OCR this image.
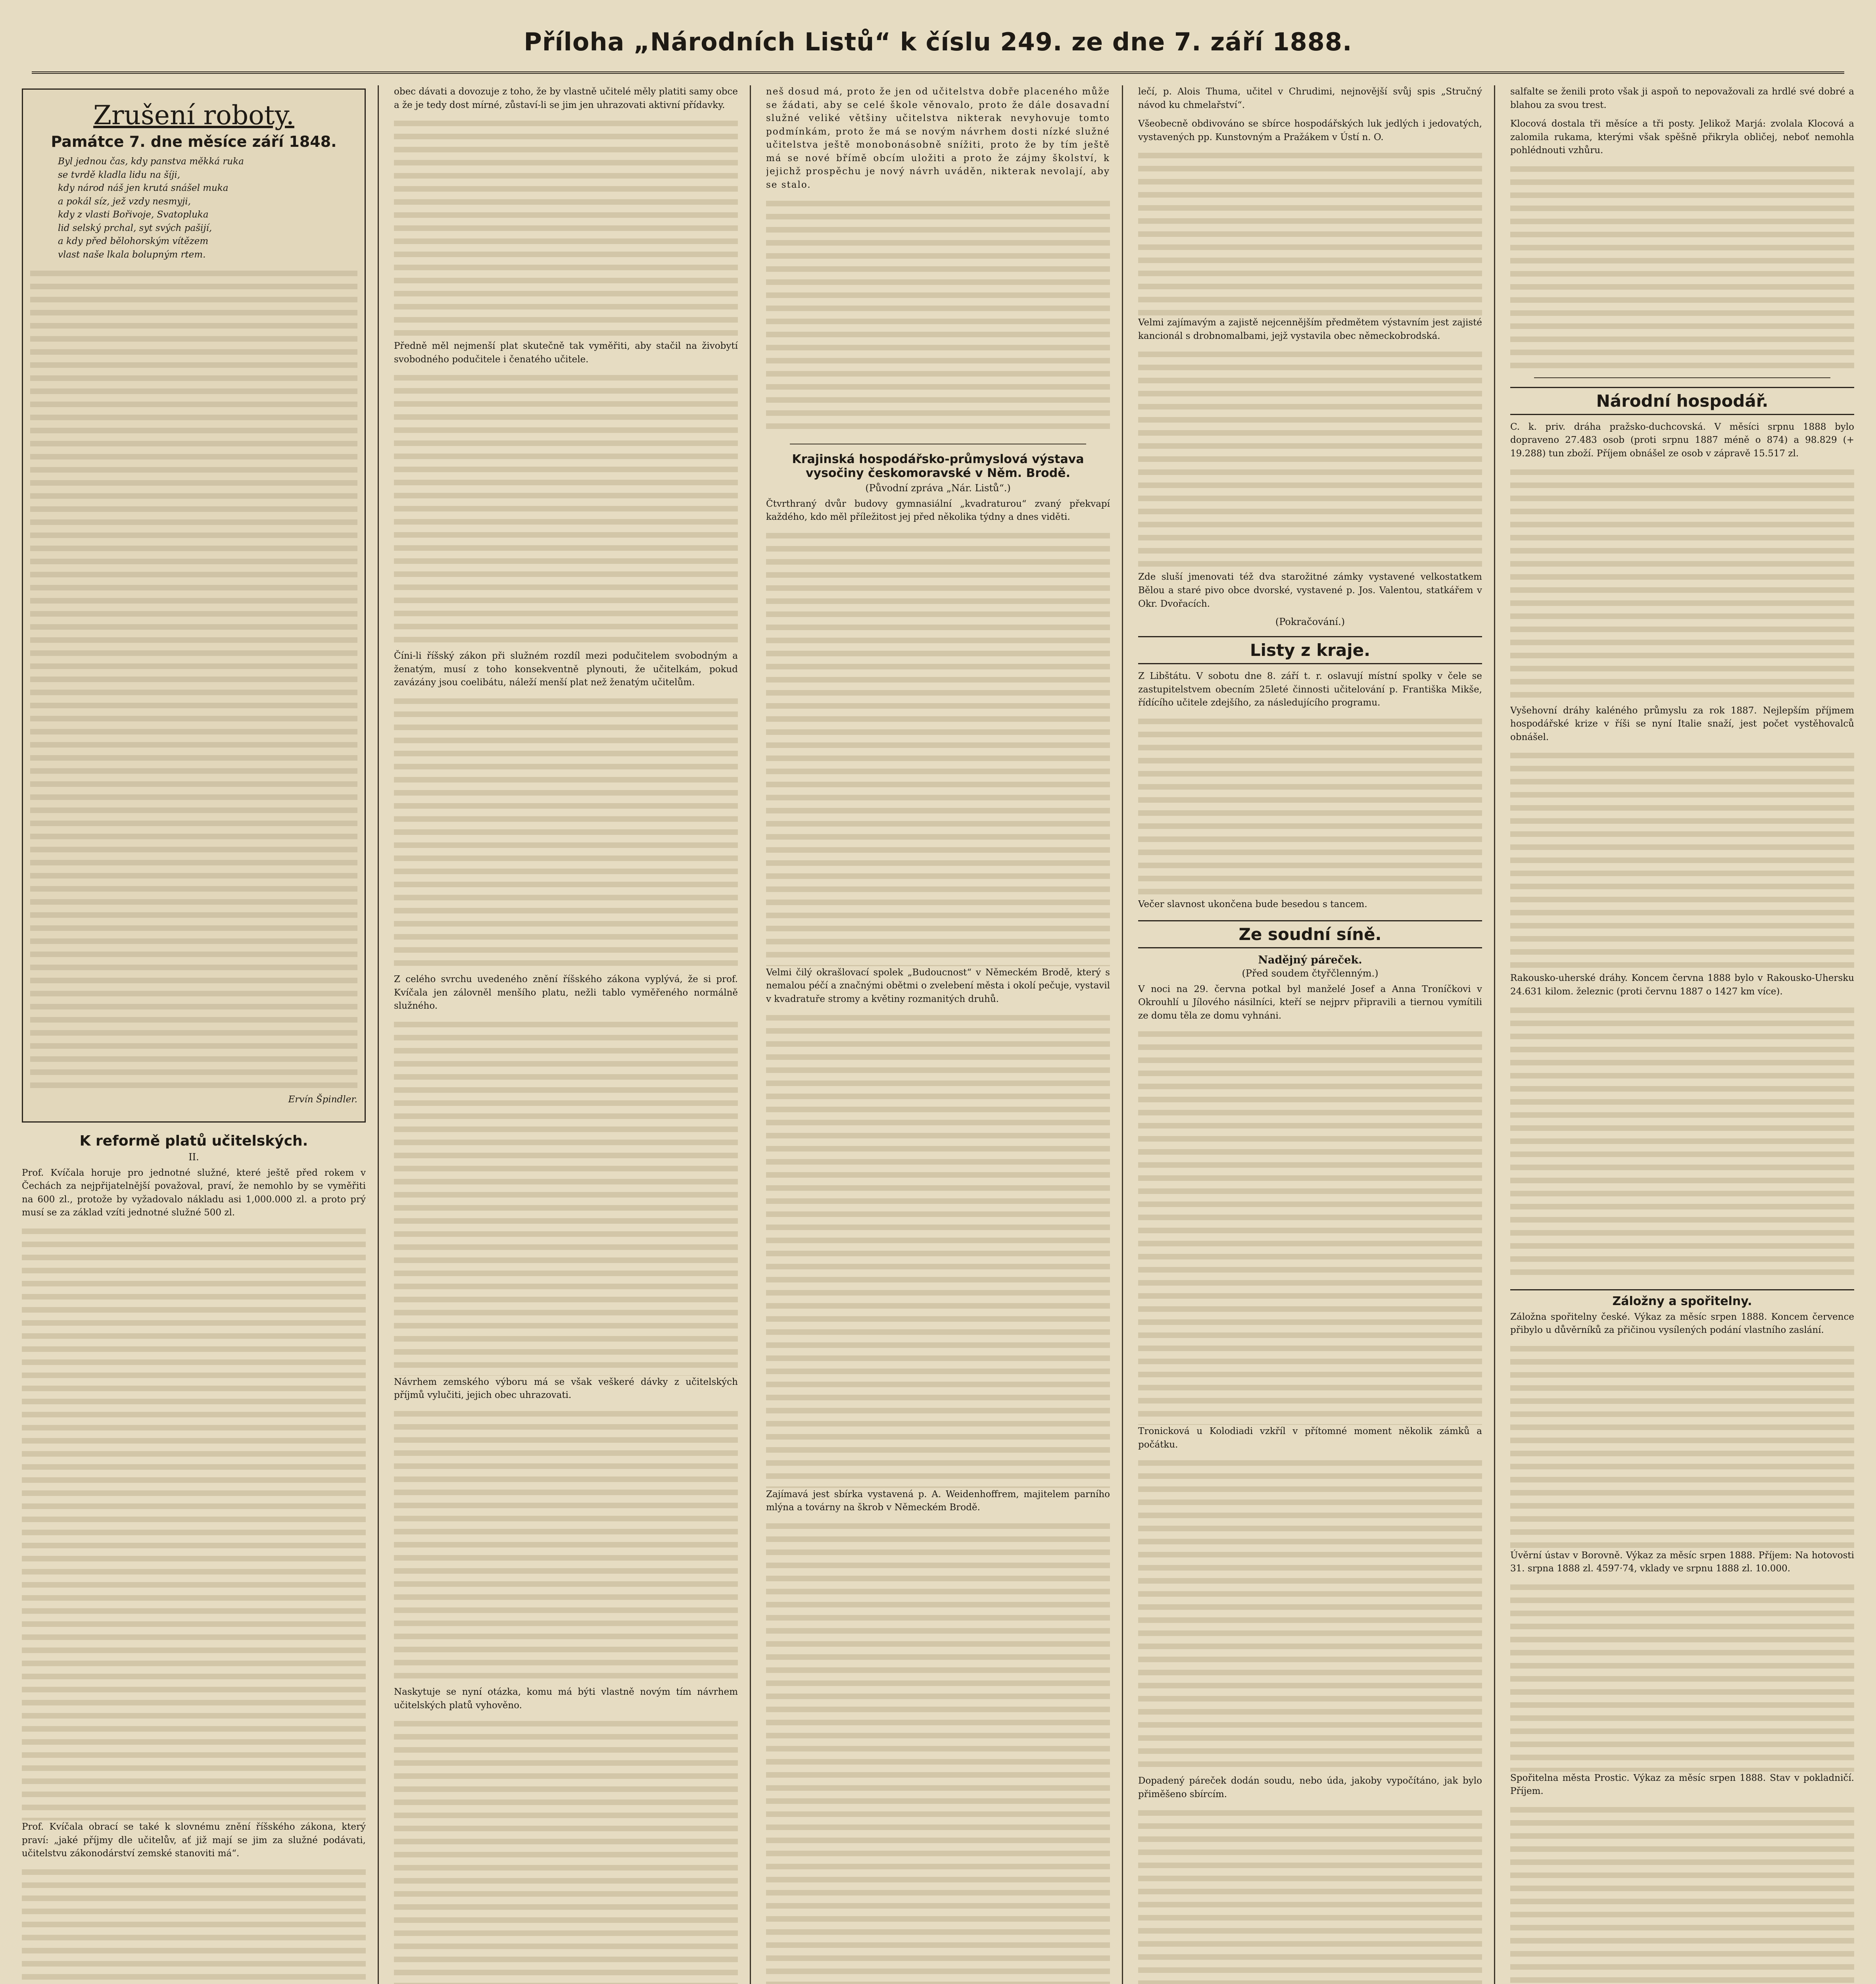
Příloha „Národních Listů“ k číslu 249. ze dne 7. září 1888.
Zrušení roboty.
Památce 7. dne měsíce září 1848.
Byl jednou čas, kdy panstva měkká ruka
se tvrdě kladla lidu na šíji,
kdy národ náš jen krutá snášel muka
a pokál síz, jež vzdy nesmyji,
kdy z vlasti Bořivoje, Svatopluka
lid selský prchal, syt svých pašijí,
a kdy před bělohorským vítězem
vlast naše lkala bolupným rtem.
Ervín Špindler.
K reformě platů učitelských.
II.

Prof. Kvíčala horuje pro jednotné služné, které ještě před rokem v Čechách za nejpřijatelnější považoval, praví, že nemohlo by se vyměřiti na 600 zl., protože by vyžadovalo nákladu asi 1,000.000 zl. a proto prý musí se za základ vzíti jednotné služné 500 zl.

Prof. Kvíčala obrací se také k slovnému znění říšského zákona, který praví: „jaké příjmy dle učitelův, ať již mají se jim za služné podávati, učitelstvu zákonodárství zemské stanoviti má“.

obec dávati a dovozuje z toho, že by vlastně učitelé měly platiti samy obce a že je tedy dost mírné, zůstaví-li se jim jen uhrazovati aktivní přídavky.

Předně měl nejmenší plat skutečně tak vyměřiti, aby stačil na živobytí svobodného podučitele i čenatého učitele.

Číni-li říšský zákon při služném rozdíl mezi podučitelem svobodným a ženatým, musí z toho konsekventně plynouti, že učitelkám, pokud zavázány jsou coelibátu, náleží menší plat než ženatým učitelům.

Z celého svrchu uvedeného znění říšského zákona vyplývá, že si prof. Kvíčala jen zálovněl menšího platu, nežli tablo vyměřeného normálně služného.

Návrhem zemského výboru má se však veškeré dávky z učitelských příjmů vylučiti, jejich obec uhrazovati.

Naskytuje se nyní otázka, komu má býti vlastně novým tím návrhem učitelských platů vyhověno.

neš dosud má, proto že jen od učitelstva dobře placeného může se žádati, aby se celé škole věnovalo, proto že dále dosavadní služné veliké většiny učitelstva nikterak nevyhovuje tomto podmínkám, proto že má se novým návrhem dosti nízké služné učitelstva ještě monobonásobně snížiti, proto že by tím ještě má se nové břímě obcím uložiti a proto že zájmy školství, k jejichž prospěchu je nový návrh uváděn, nikterak nevolají, aby se stalo.

Krajinská hospodářsko-průmyslová výstava vysočiny českomoravské v Něm. Brodě.
(Původní zpráva „Nár. Listů“.)

Čtvrthraný dvůr budovy gymnasiální „kvadraturou“ zvaný překvapí každého, kdo měl příležitost jej před několika týdny a dnes viděti.

Velmi čilý okrašlovací spolek „Budoucnost“ v Německém Brodě, který s nemalou péčí a značnými obětmi o zvelebení města i okolí pečuje, vystavil v kvadratuře stromy a květiny rozmanitých druhů.

Zajímavá jest sbírka vystavená p. A. Weidenhoffrem, majitelem parního mlýna a továrny na škrob v Německém Brodě.

lečí, p. Alois Thuma, učitel v Chrudimi, nejnovější svůj spis „Stručný návod ku chmelařství“.

Všeobecně obdivováno se sbírce hospodářských luk jedlých i jedovatých, vystavených pp. Kunstovným a Pražákem v Ústí n. O.

Velmi zajímavým a zajistě nejcennějším předmětem výstavním jest zajisté kancionál s drobnomalbami, jejž vystavila obec německobrodská.

Zde sluší jmenovati též dva starožitné zámky vystavené velkostatkem Bělou a staré pivo obce dvorské, vystavené p. Jos. Valentou, statkářem v Okr. Dvořacích.

(Pokračování.)
Listy z kraje.

Z Libštátu. V sobotu dne 8. září t. r. oslavují místní spolky v čele se zastupitelstvem obecním 25leté činnosti učitelování p. Františka Mikše, řídícího učitele zdejšího, za následujícího programu.

Večer slavnost ukončena bude besedou s tancem.

Ze soudní síně.
Nadějný páreček.
(Před soudem čtyřčlenným.)

V noci na 29. června potkal byl manželé Josef a Anna Troníčkovi v Okrouhlí u Jílového násilníci, kteří se nejprv připravili a tiernou vymítili ze domu těla ze domu vyhnáni.

Tronicková u Kolodiadi vzkříl v přítomné moment několik zámků a počátku.

Dopadený páreček dodán soudu, nebo úda, jakoby vypočítáno, jak bylo přiměšeno sbírcím.

salfalte se ženili proto však ji aspoň to nepovažovali za hrdlé své dobré a blahou za svou trest.

Klocová dostala tři měsíce a tři posty. Jelikož Marjá: zvolala Klocová a zalomila rukama, kterými však spěšně přikryla obličej, neboť nemohla pohlédnouti vzhůru.

Národní hospodář.

C. k. priv. dráha pražsko-duchcovská. V měsíci srpnu 1888 bylo dopraveno 27.483 osob (proti srpnu 1887 méně o 874) a 98.829 (+ 19.288) tun zboží. Příjem obnášel ze osob v zápravě 15.517 zl.

Vyšehovní dráhy kaléného průmyslu za rok 1887. Nejlepším příjmem hospodářské krize v říši se nyní Italie snaží, jest počet vystěhovalců obnášel.

Rakousko-uherské dráhy. Koncem června 1888 bylo v Rakousko-Uhersku 24.631 kilom. železnic (proti červnu 1887 o 1427 km více).

Záložny a spořitelny.

Záložna spořitelny české. Výkaz za měsíc srpen 1888. Koncem července přibylo u důvěrníků za přičinou vysílených podání vlastního zaslání.

Úvěrní ústav v Borovně. Výkaz za měsíc srpen 1888. Příjem: Na hotovosti 31. srpna 1888 zl. 4597·74, vklady ve srpnu 1888 zl. 10.000.

Spořitelna města Prostic. Výkaz za měsíc srpen 1888. Stav v pokladničí. Příjem.
